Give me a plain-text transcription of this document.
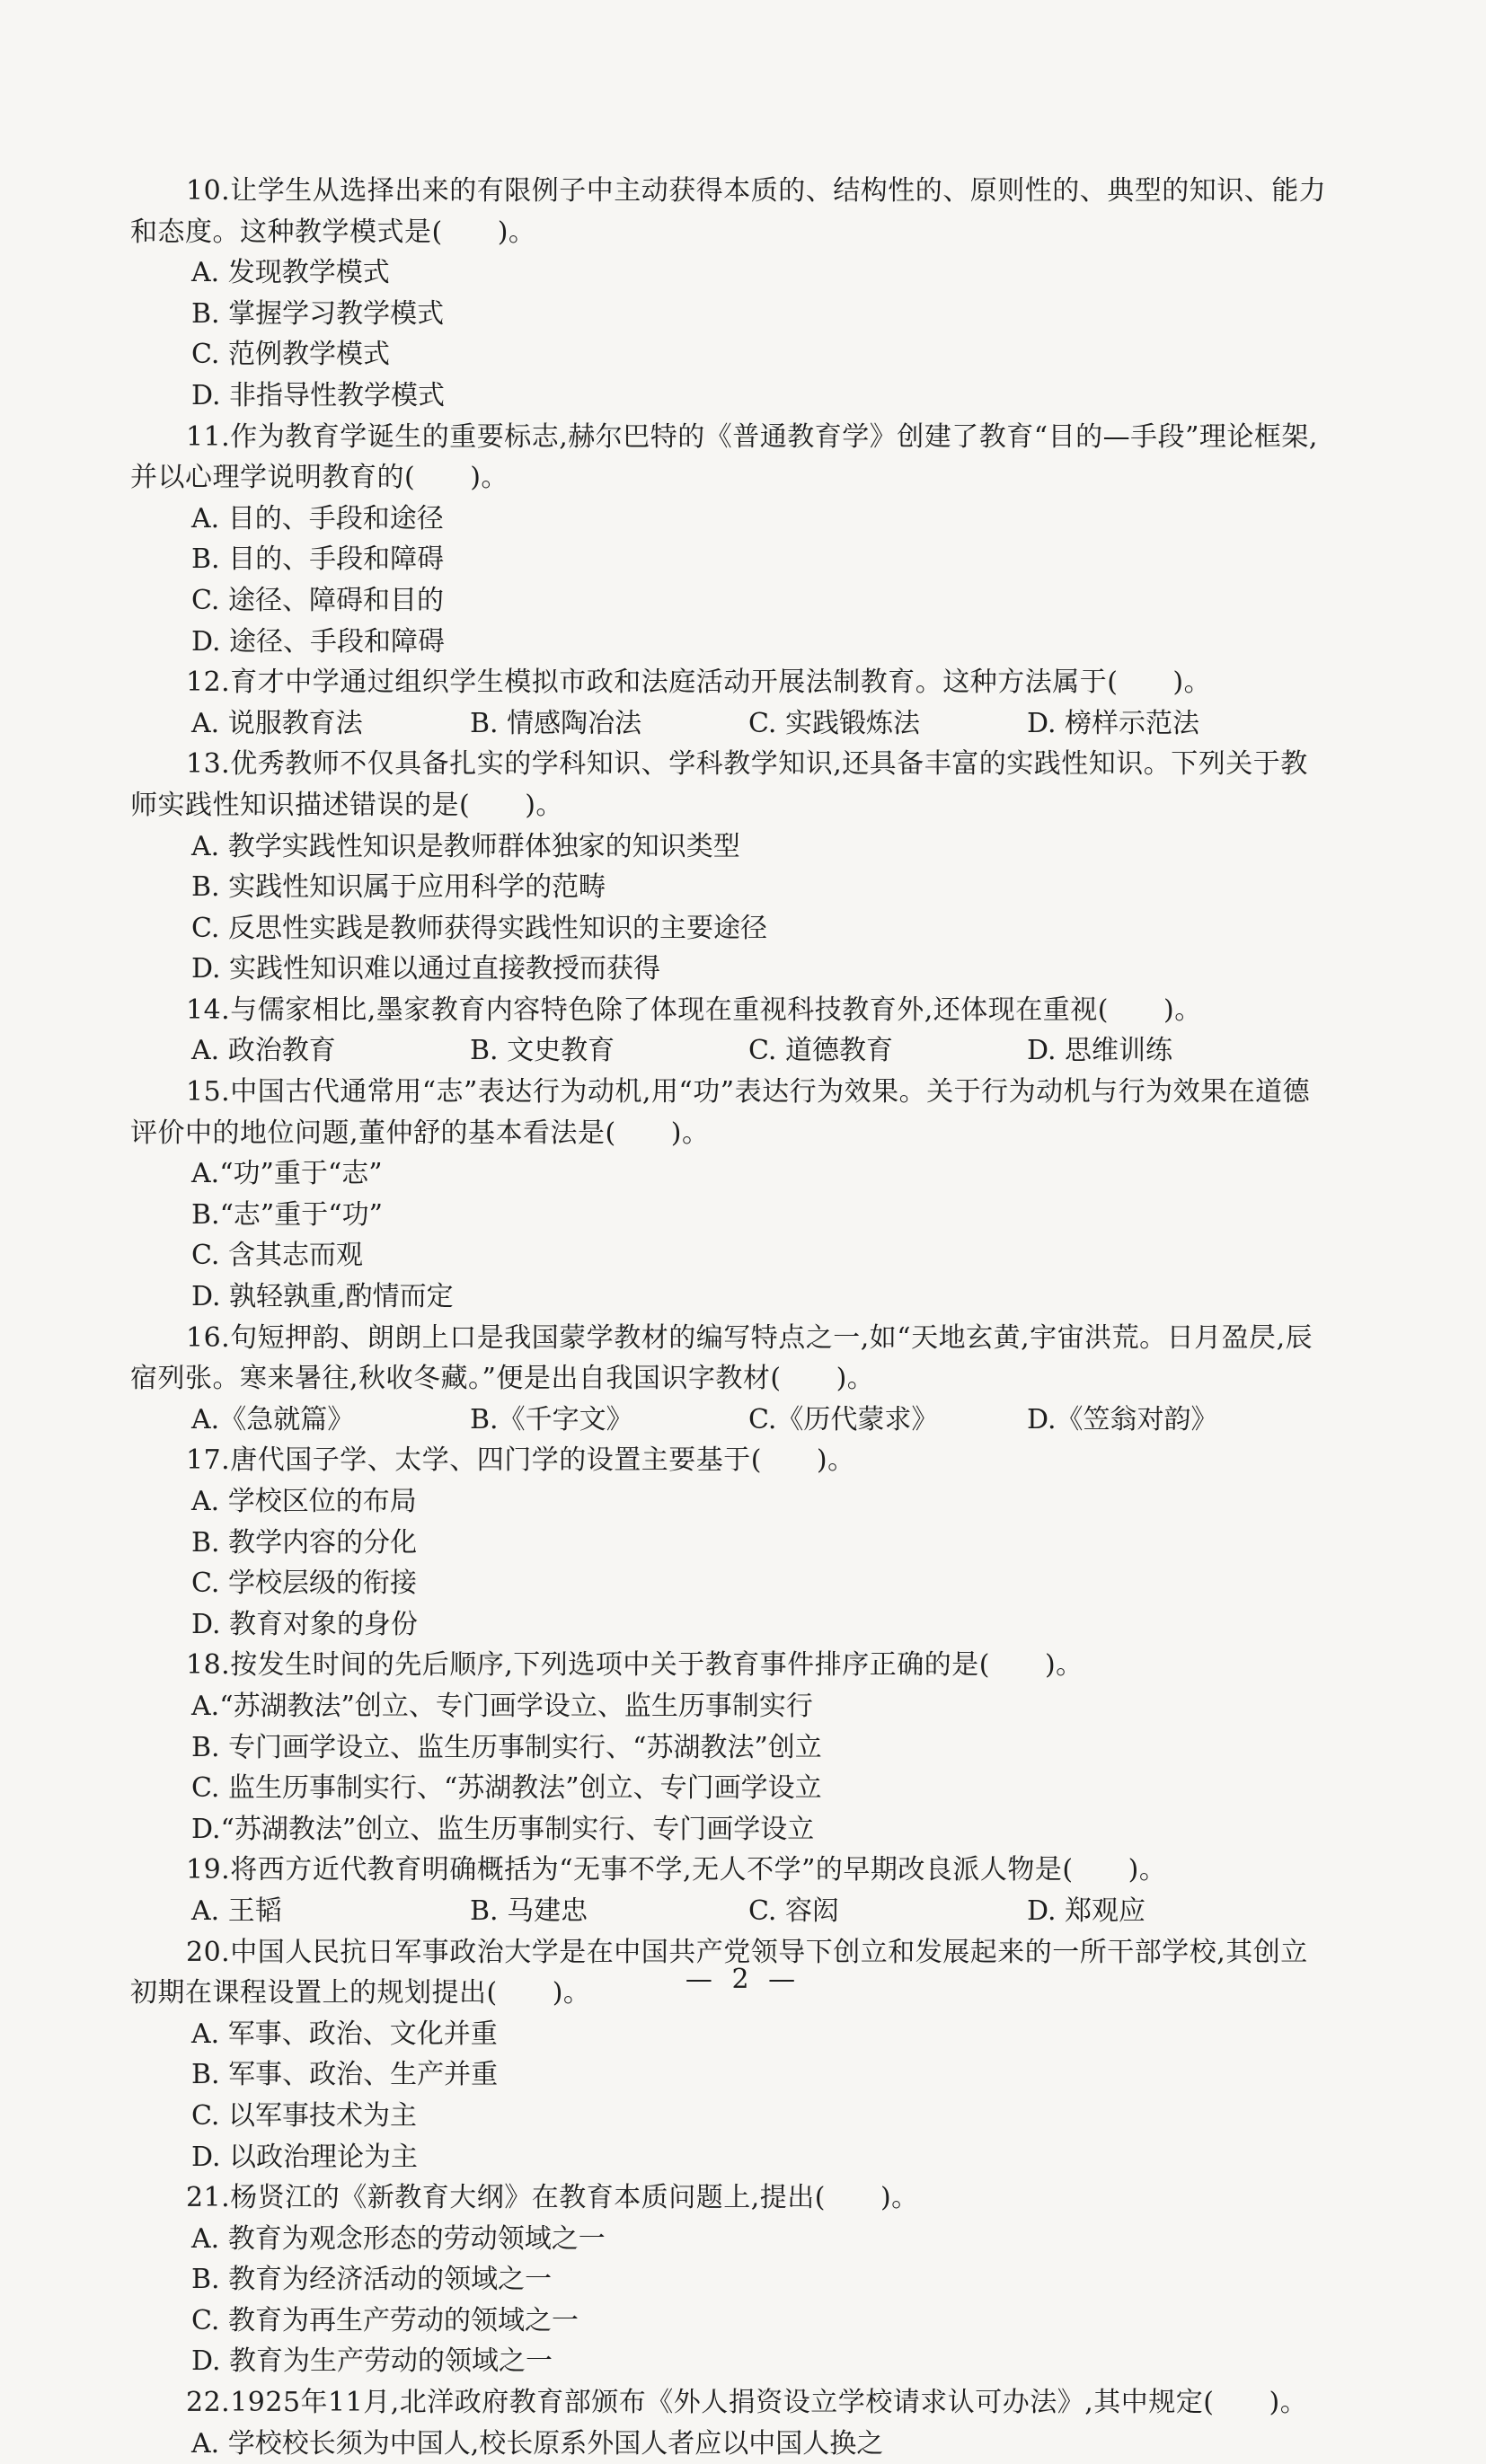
10.让学生从选择出来的有限例子中主动获得本质的、结构性的、原则性的、典型的知识、能力和态度。这种教学模式是(　　)。
A. 发现教学模式
B. 掌握学习教学模式
C. 范例教学模式
D. 非指导性教学模式
11.作为教育学诞生的重要标志,赫尔巴特的《普通教育学》创建了教育“目的—手段”理论框架,并以心理学说明教育的(　　)。
A. 目的、手段和途径
B. 目的、手段和障碍
C. 途径、障碍和目的
D. 途径、手段和障碍
12.育才中学通过组织学生模拟市政和法庭活动开展法制教育。这种方法属于(　　)。
A. 说服教育法	B. 情感陶冶法	C. 实践锻炼法	D. 榜样示范法
13.优秀教师不仅具备扎实的学科知识、学科教学知识,还具备丰富的实践性知识。下列关于教师实践性知识描述错误的是(　　)。
A. 教学实践性知识是教师群体独家的知识类型
B. 实践性知识属于应用科学的范畴
C. 反思性实践是教师获得实践性知识的主要途径
D. 实践性知识难以通过直接教授而获得
14.与儒家相比,墨家教育内容特色除了体现在重视科技教育外,还体现在重视(　　)。
A. 政治教育	B. 文史教育	C. 道德教育	D. 思维训练
15.中国古代通常用“志”表达行为动机,用“功”表达行为效果。关于行为动机与行为效果在道德评价中的地位问题,董仲舒的基本看法是(　　)。
A.“功”重于“志”
B.“志”重于“功”
C. 含其志而观
D. 孰轻孰重,酌情而定
16.句短押韵、朗朗上口是我国蒙学教材的编写特点之一,如“天地玄黄,宇宙洪荒。日月盈昃,辰宿列张。寒来暑往,秋收冬藏。”便是出自我国识字教材(　　)。
A.《急就篇》	B.《千字文》	C.《历代蒙求》	D.《笠翁对韵》
17.唐代国子学、太学、四门学的设置主要基于(　　)。
A. 学校区位的布局
B. 教学内容的分化
C. 学校层级的衔接
D. 教育对象的身份
18.按发生时间的先后顺序,下列选项中关于教育事件排序正确的是(　　)。
A.“苏湖教法”创立、专门画学设立、监生历事制实行
B. 专门画学设立、监生历事制实行、“苏湖教法”创立
C. 监生历事制实行、“苏湖教法”创立、专门画学设立
D.“苏湖教法”创立、监生历事制实行、专门画学设立
19.将西方近代教育明确概括为“无事不学,无人不学”的早期改良派人物是(　　)。
A. 王韬	B. 马建忠	C. 容闳	D. 郑观应
20.中国人民抗日军事政治大学是在中国共产党领导下创立和发展起来的一所干部学校,其创立初期在课程设置上的规划提出(　　)。
A. 军事、政治、文化并重
B. 军事、政治、生产并重
C. 以军事技术为主
D. 以政治理论为主
21.杨贤江的《新教育大纲》在教育本质问题上,提出(　　)。
A. 教育为观念形态的劳动领域之一
B. 教育为经济活动的领域之一
C. 教育为再生产劳动的领域之一
D. 教育为生产劳动的领域之一
22.1925年11月,北洋政府教育部颁布《外人捐资设立学校请求认可办法》,其中规定(　　)。
A. 学校校长须为中国人,校长原系外国人者应以中国人换之
— 2 —
